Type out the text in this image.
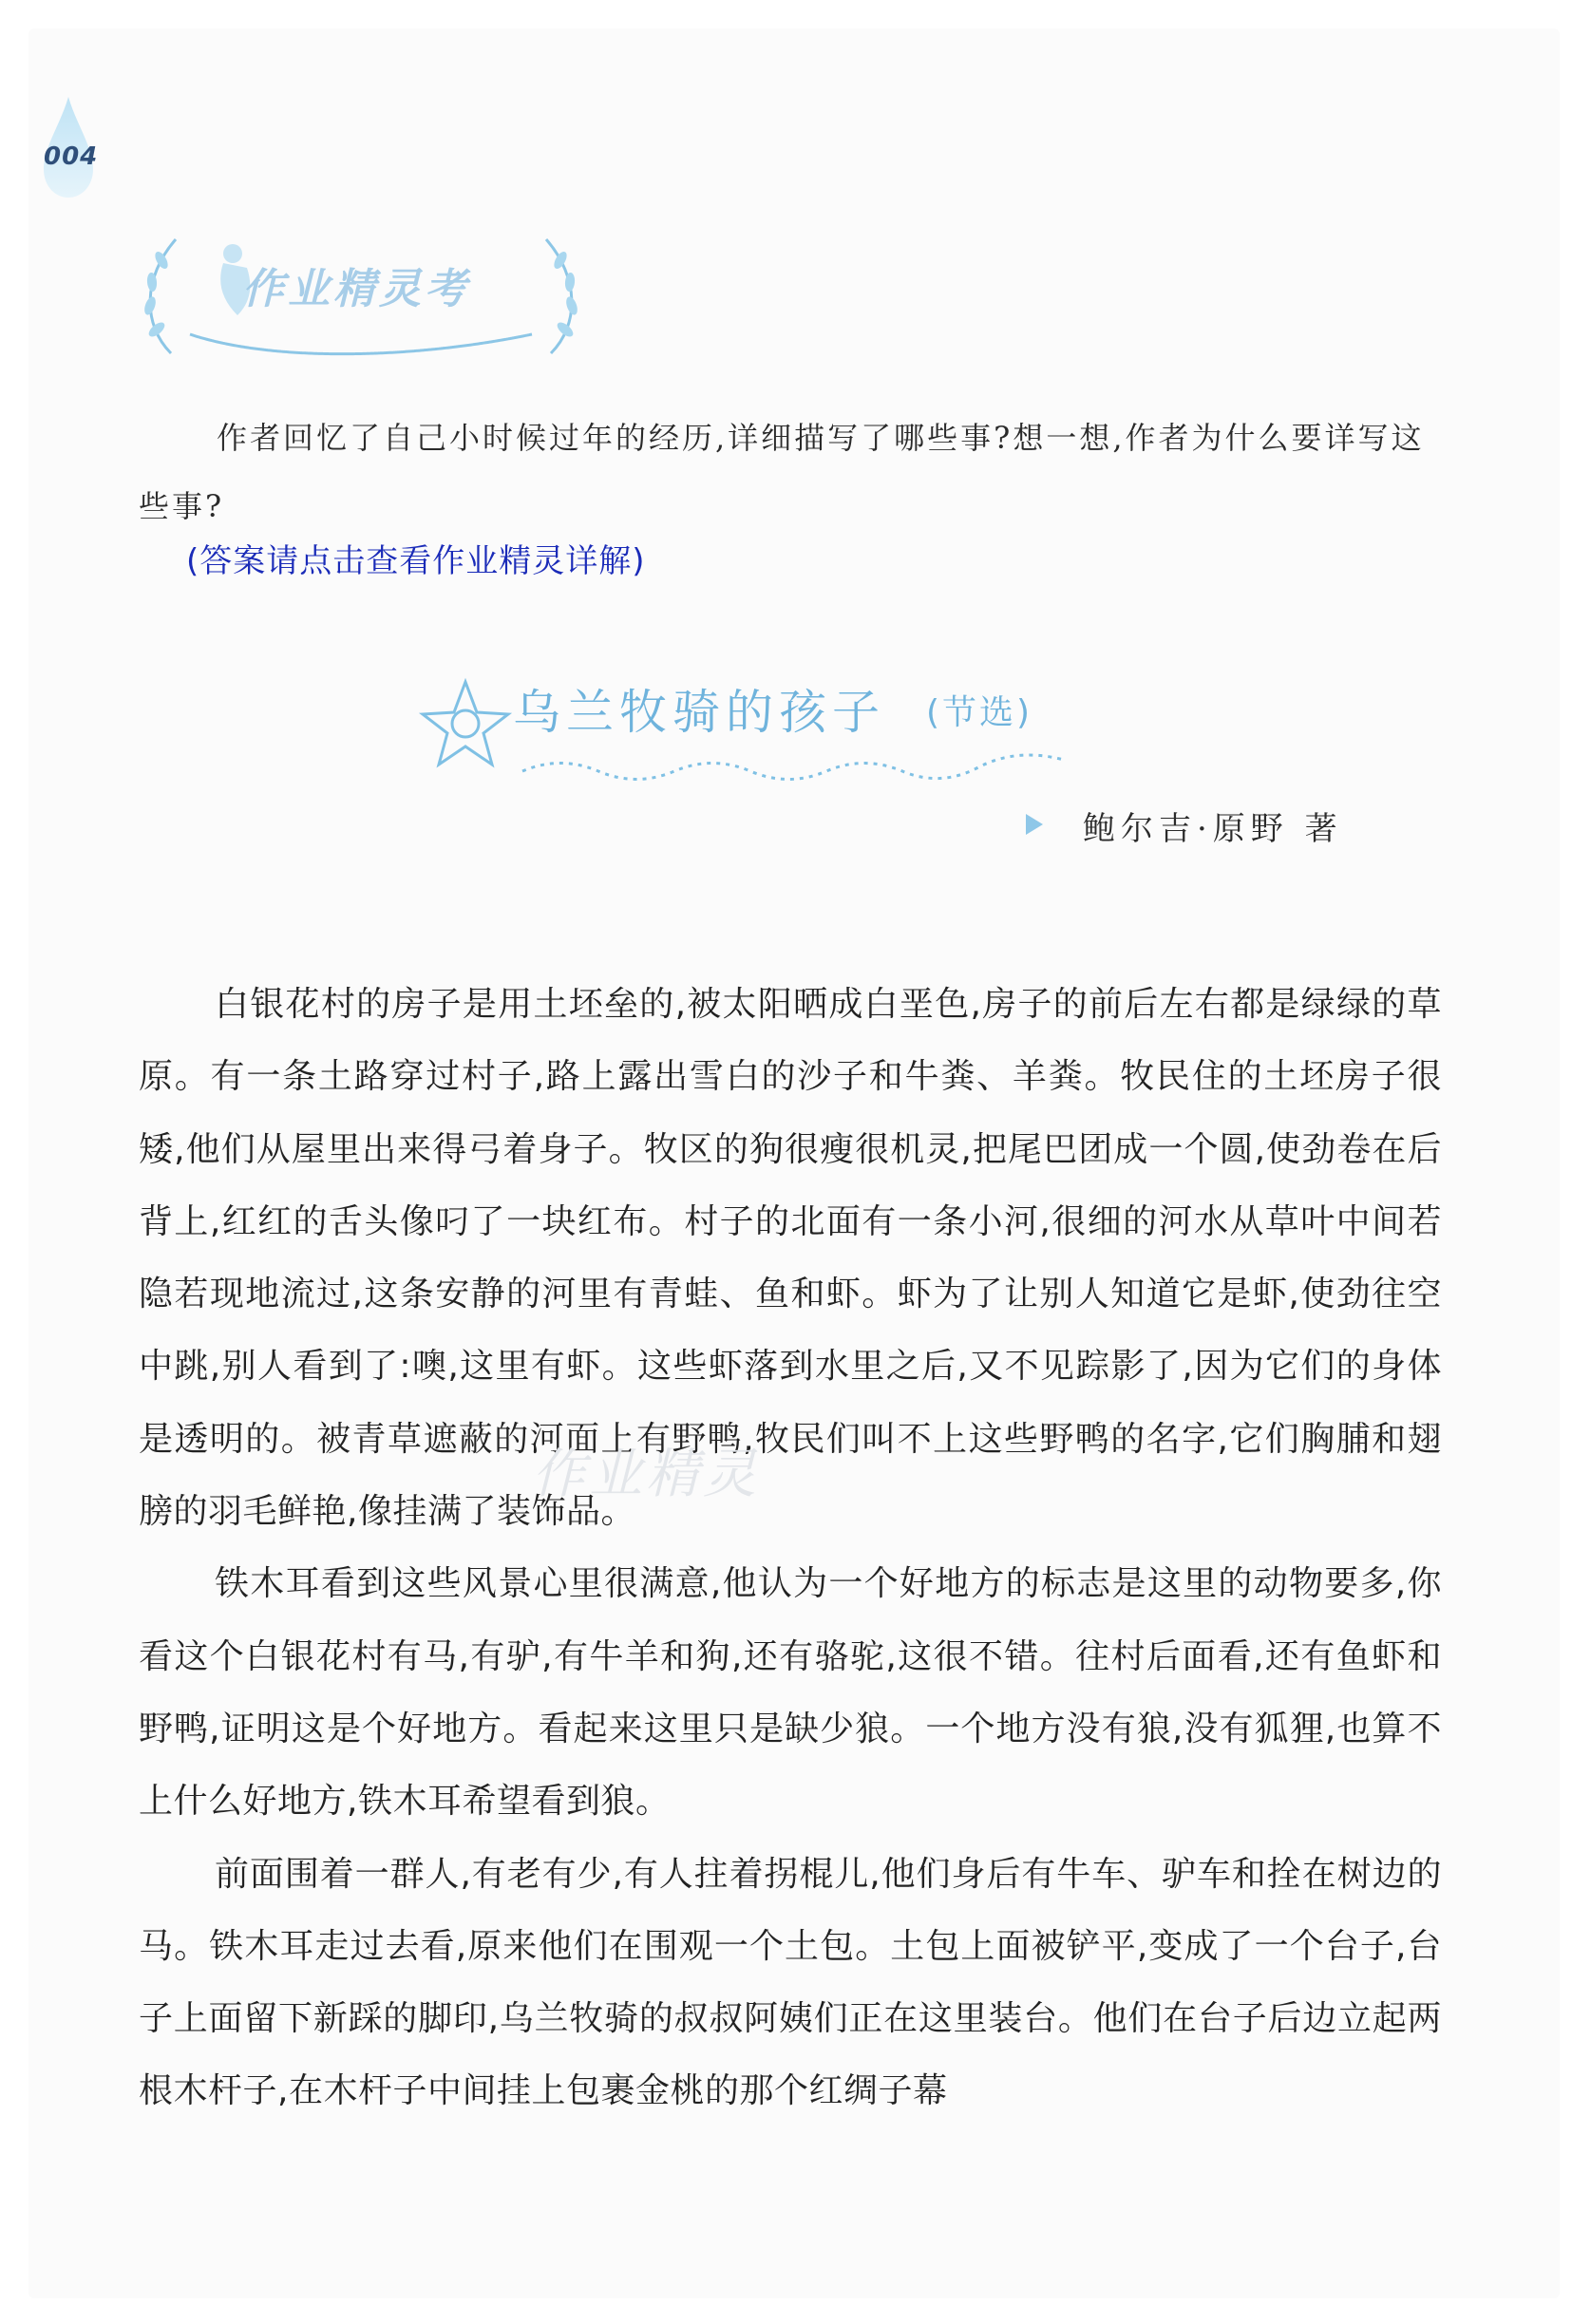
004
作业精灵考
作者回忆了自己小时候过年的经历,详细描写了哪些事?想一想,作者为什么要详写这些事?
(答案请点击查看作业精灵详解)
乌兰牧骑的孩子 (节选)
鲍尔吉·原野 著

白银花村的房子是用土坯垒的,被太阳晒成白垩色,房子的前后左右都是绿绿的草原。有一条土路穿过村子,路上露出雪白的沙子和牛粪、羊粪。牧民住的土坯房子很矮,他们从屋里出来得弓着身子。牧区的狗很瘦很机灵,把尾巴团成一个圆,使劲卷在后背上,红红的舌头像叼了一块红布。村子的北面有一条小河,很细的河水从草叶中间若隐若现地流过,这条安静的河里有青蛙、鱼和虾。虾为了让别人知道它是虾,使劲往空中跳,别人看到了:噢,这里有虾。这些虾落到水里之后,又不见踪影了,因为它们的身体是透明的。被青草遮蔽的河面上有野鸭,牧民们叫不上这些野鸭的名字,它们胸脯和翅膀的羽毛鲜艳,像挂满了装饰品。

铁木耳看到这些风景心里很满意,他认为一个好地方的标志是这里的动物要多,你看这个白银花村有马,有驴,有牛羊和狗,还有骆驼,这很不错。往村后面看,还有鱼虾和野鸭,证明这是个好地方。看起来这里只是缺少狼。一个地方没有狼,没有狐狸,也算不上什么好地方,铁木耳希望看到狼。

前面围着一群人,有老有少,有人拄着拐棍儿,他们身后有牛车、驴车和拴在树边的马。铁木耳走过去看,原来他们在围观一个土包。土包上面被铲平,变成了一个台子,台子上面留下新踩的脚印,乌兰牧骑的叔叔阿姨们正在这里装台。他们在台子后边立起两根木杆子,在木杆子中间挂上包裹金桃的那个红绸子幕

作业精灵
